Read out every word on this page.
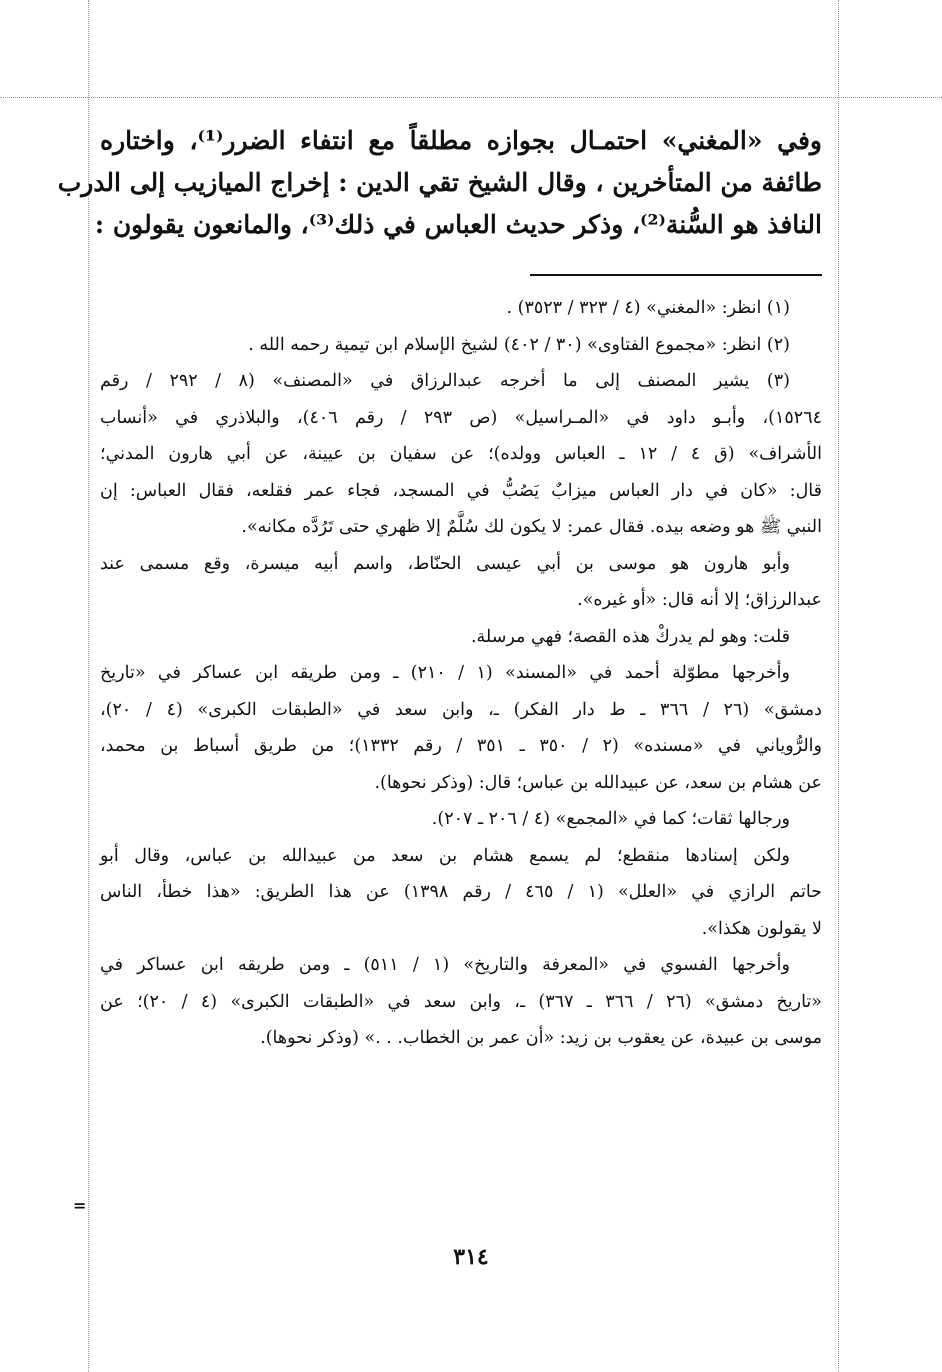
وفي «المغني» احتمـال بجوازه مطلقاً مع انتفاء الضرر⁽¹⁾، واختاره
طائفة من المتأخرين ، وقال الشيخ تقي الدين : إخراج الميازيب إلى الدرب
النافذ هو السُّنة⁽²⁾، وذكر حديث العباس في ذلك⁽³⁾، والمانعون يقولون :
(١) انظر: «المغني» (٤ / ٣٢٣ / ٣٥٢٣) .
(٢) انظر: «مجموع الفتاوى» (٣٠ / ٤٠٢) لشيخ الإسلام ابن تيمية رحمه الله .
(٣) يشير المصنف إلى ما أخرجه عبدالرزاق في «المصنف» (٨ / ٢٩٢ / رقم
١٥٢٦٤)، وأبـو داود في «المـراسيل» (ص ٢٩٣ / رقم ٤٠٦)، والبلاذري في «أنساب
الأشراف» (ق ٤ / ١٢ ـ العباس وولده)؛ عن سفيان بن عيينة، عن أبي هارون المدني؛
قال: «كان في دار العباس ميزابٌ يَصُبُّ في المسجد، فجاء عمر فقلعه، فقال العباس: إن
النبي ﷺ هو وضعه بيده. فقال عمر: لا يكون لك سُلَّمٌ إلا ظهري حتى تَرُدَّه مكانه».
وأبو هارون هو موسى بن أبي عيسى الحنّاط، واسم أبيه ميسرة، وقع مسمى عند
عبدالرزاق؛ إلا أنه قال: «أو غيره».
قلت: وهو لم يدركْ هذه القصة؛ فهي مرسلة.
وأخرجها مطوّلة أحمد في «المسند» (١ / ٢١٠) ـ ومن طريقه ابن عساكر في «تاريخ
دمشق» (٢٦ / ٣٦٦ ـ ط دار الفكر) ـ، وابن سعد في «الطبقات الكبرى» (٤ / ٢٠)،
والرُّوياني في «مسنده» (٢ / ٣٥٠ ـ ٣٥١ / رقم ١٣٣٢)؛ من طريق أسباط بن محمد،
عن هشام بن سعد، عن عبيدالله بن عباس؛ قال: (وذكر نحوها).
ورجالها ثقات؛ كما في «المجمع» (٤ / ٢٠٦ ـ ٢٠٧).
ولكن إسنادها منقطع؛ لم يسمع هشام بن سعد من عبيدالله بن عباس، وقال أبو
حاتم الرازي في «العلل» (١ / ٤٦٥ / رقم ١٣٩٨) عن هذا الطريق: «هذا خطأ، الناس
لا يقولون هكذا».
وأخرجها الفسوي في «المعرفة والتاريخ» (١ / ٥١١) ـ ومن طريقه ابن عساكر في
«تاريخ دمشق» (٢٦ / ٣٦٦ ـ ٣٦٧) ـ، وابن سعد في «الطبقات الكبرى» (٤ / ٢٠)؛ عن
موسى بن عبيدة، عن يعقوب بن زيد: «أن عمر بن الخطاب. . .» (وذكر نحوها).
=
٣١٤
